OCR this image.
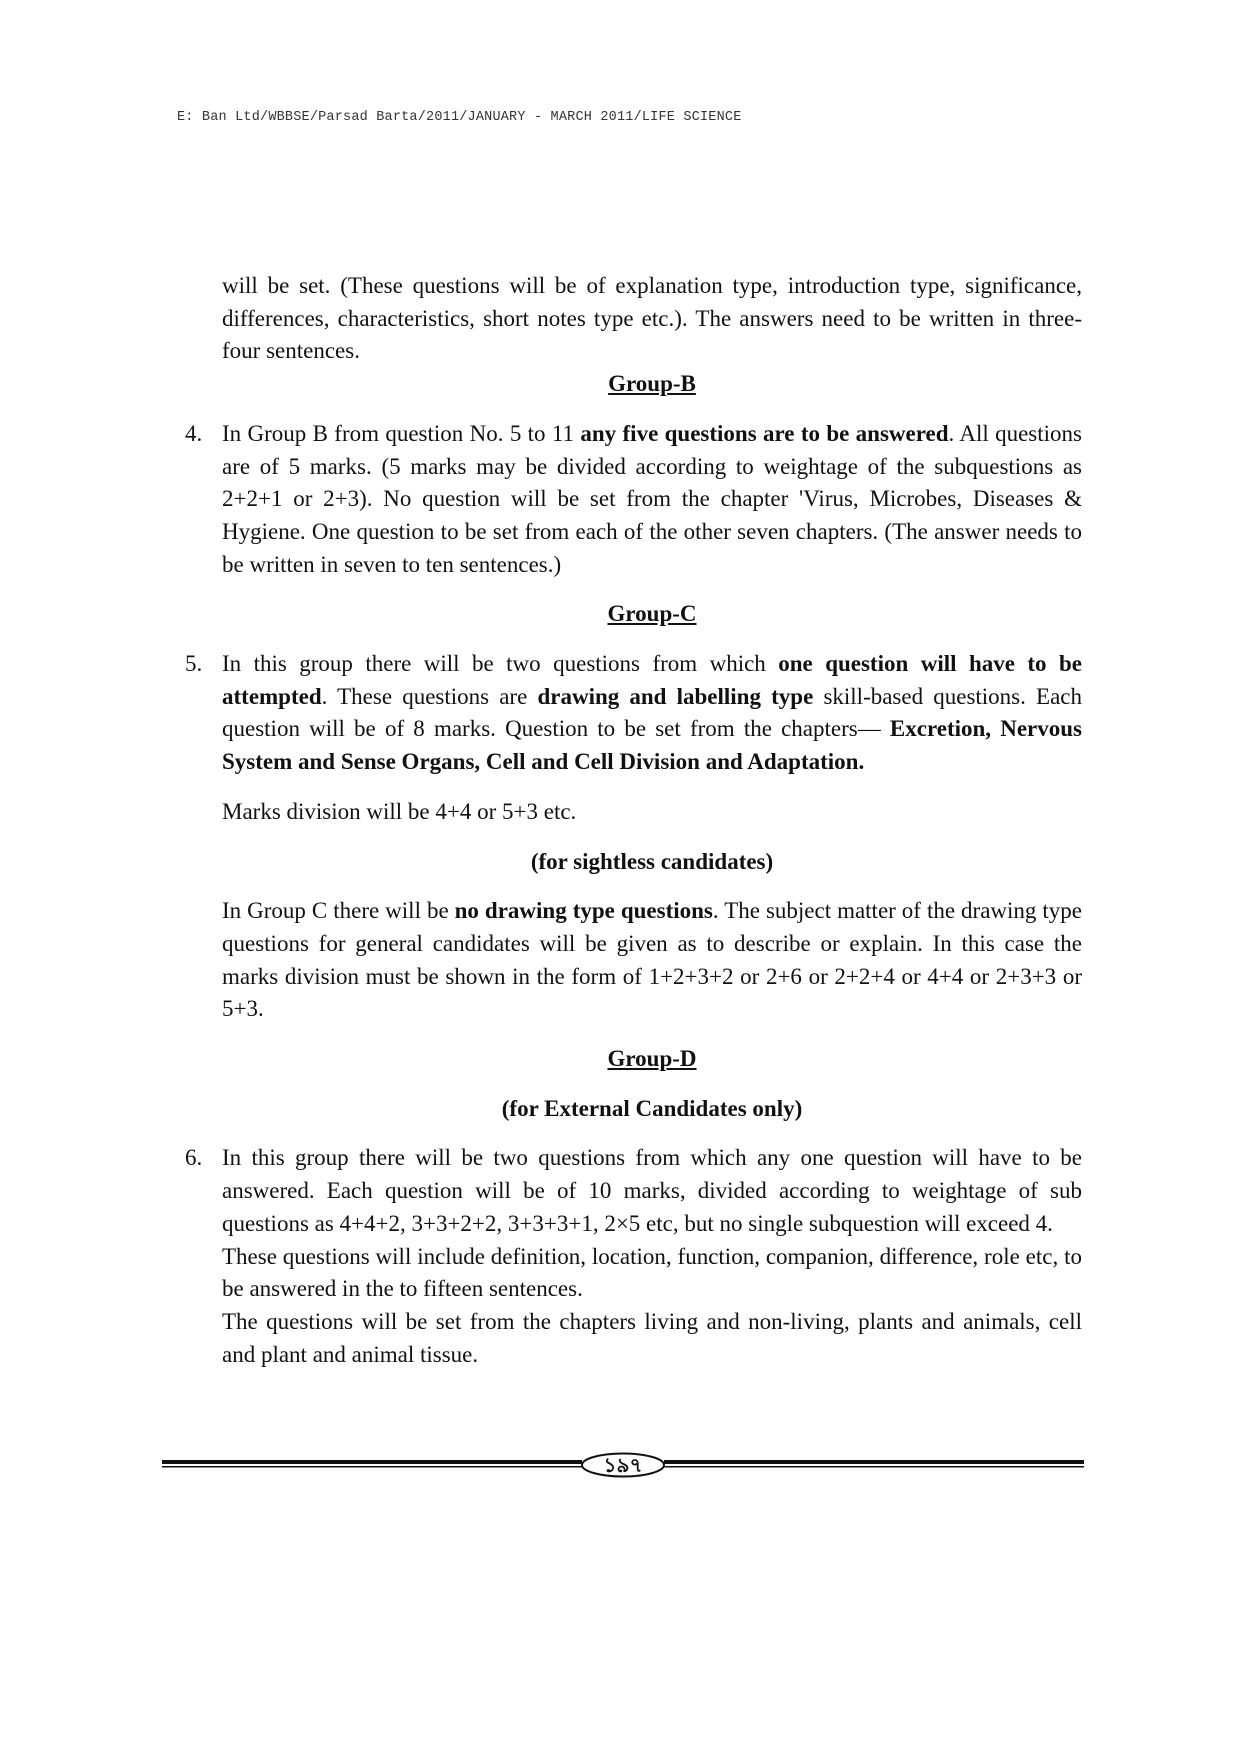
E: Ban Ltd/WBBSE/Parsad Barta/2011/JANUARY - MARCH 2011/LIFE SCIENCE

will be set. (These questions will be of explanation type, introduction type, significance, differences, characteristics, short notes type etc.). The answers need to be written in three-four sentences.

Group-B

4. In Group B from question No. 5 to 11 any five questions are to be answered. All questions are of 5 marks. (5 marks may be divided according to weightage of the subquestions as 2+2+1 or 2+3). No question will be set from the chapter 'Virus, Microbes, Diseases & Hygiene. One question to be set from each of the other seven chapters. (The answer needs to be written in seven to ten sentences.)

Group-C

5. In this group there will be two questions from which one question will have to be attempted. These questions are drawing and labelling type skill-based questions. Each question will be of 8 marks. Question to be set from the chapters— Excretion, Nervous System and Sense Organs, Cell and Cell Division and Adaptation.

Marks division will be 4+4 or 5+3 etc.

(for sightless candidates)

In Group C there will be no drawing type questions. The subject matter of the drawing type questions for general candidates will be given as to describe or explain. In this case the marks division must be shown in the form of 1+2+3+2 or 2+6 or 2+2+4 or 4+4 or 2+3+3 or 5+3.

Group-D

(for External Candidates only)

6. In this group there will be two questions from which any one question will have to be answered. Each question will be of 10 marks, divided according to weightage of sub questions as 4+4+2, 3+3+2+2, 3+3+3+1, 2×5 etc, but no single subquestion will exceed 4.

These questions will include definition, location, function, companion, difference, role etc, to be answered in the to fifteen sentences.

The questions will be set from the chapters living and non-living, plants and animals, cell and plant and animal tissue.

১৯৭
